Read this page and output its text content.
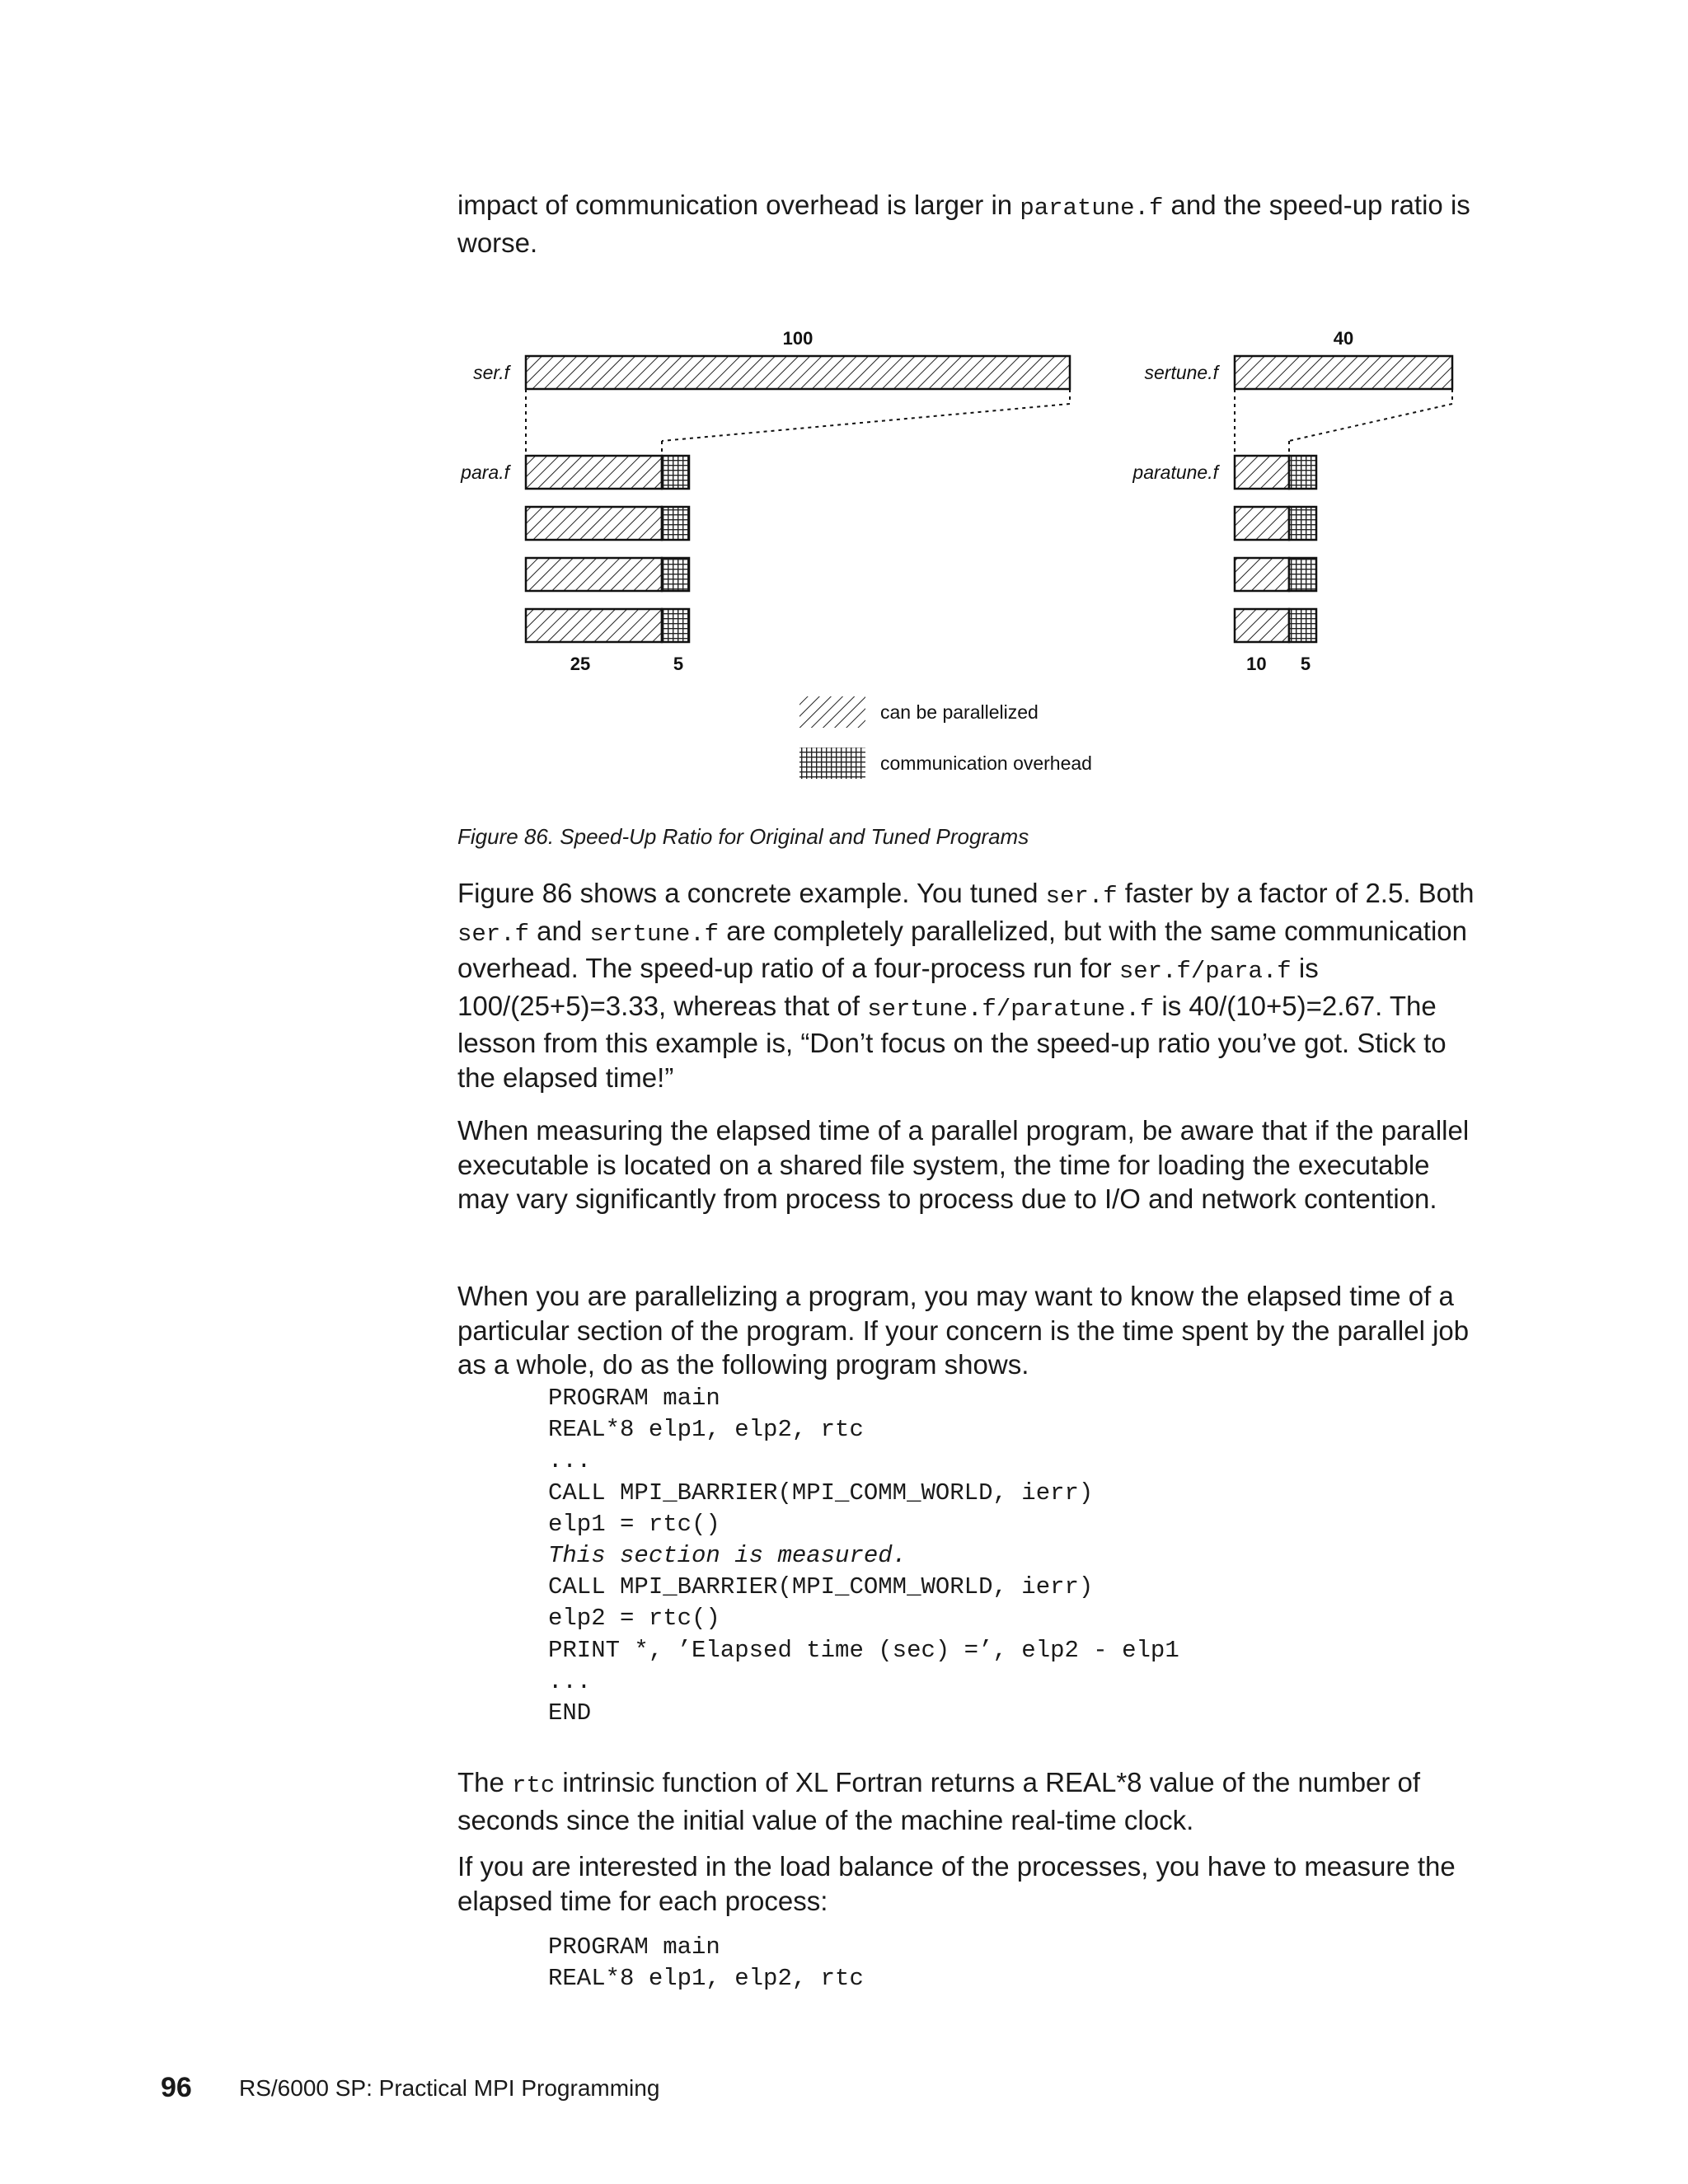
impact of communication overhead is larger in paratune.f and the speed-up ratio is worse.

100
ser.f
para.f
25	5
40
sertune.f
paratune.f
10 5
can be parallelized
communication overhead
Figure 86. Speed-Up Ratio for Original and Tuned Programs

Figure 86 shows a concrete example. You tuned ser.f faster by a factor of 2.5. Both ser.f and sertune.f are completely parallelized, but with the same communication overhead. The speed-up ratio of a four-process run for ser.f/para.f is 100/(25+5)=3.33, whereas that of sertune.f/paratune.f is 40/(10+5)=2.67. The lesson from this example is, “Don’t focus on the speed-up ratio you’ve got. Stick to the elapsed time!”

When measuring the elapsed time of a parallel program, be aware that if the parallel executable is located on a shared file system, the time for loading the executable may vary significantly from process to process due to I/O and network contention.

When you are parallelizing a program, you may want to know the elapsed time of a particular section of the program. If your concern is the time spent by the parallel job as a whole, do as the following program shows.

PROGRAM main
REAL*8 elp1, elp2, rtc
...
CALL MPI_BARRIER(MPI_COMM_WORLD, ierr)
elp1 = rtc()
This section is measured.
CALL MPI_BARRIER(MPI_COMM_WORLD, ierr)
elp2 = rtc()
PRINT *, ’Elapsed time (sec) =’, elp2 - elp1
...
END

The rtc intrinsic function of XL Fortran returns a REAL*8 value of the number of seconds since the initial value of the machine real-time clock.

If you are interested in the load balance of the processes, you have to measure the elapsed time for each process:

PROGRAM main
REAL*8 elp1, elp2, rtc
96 RS/6000 SP: Practical MPI Programming
